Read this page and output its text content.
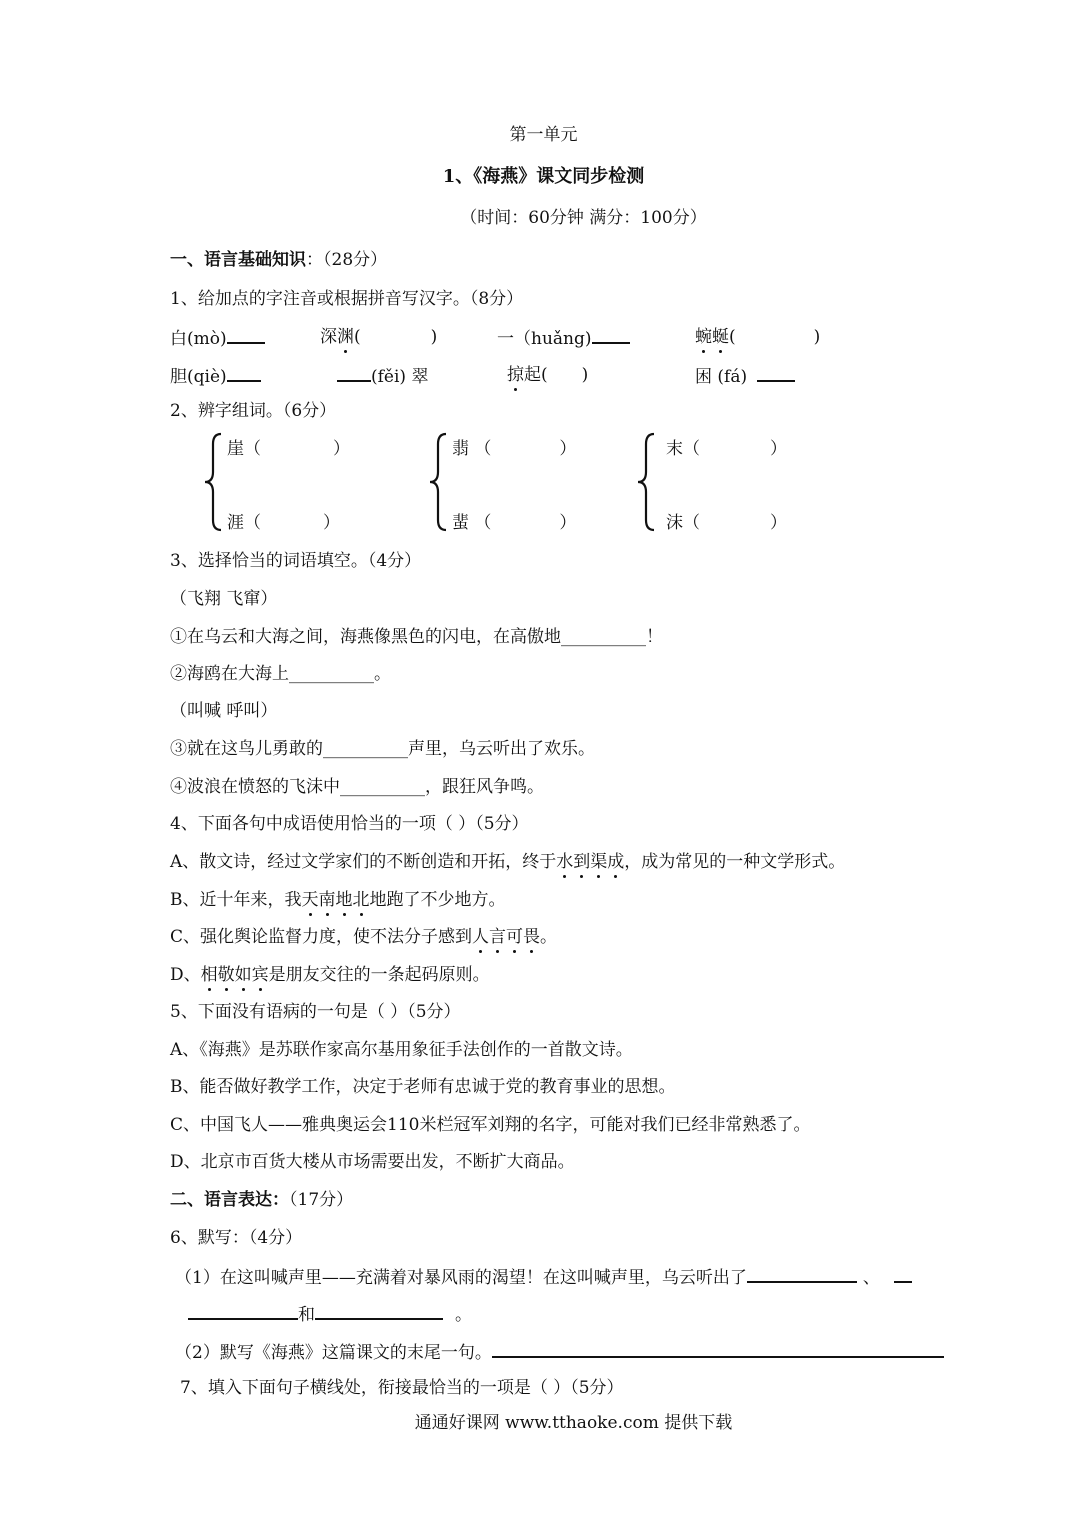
第一单元
1、《海燕》课文同步检测
（时间：60分钟 满分：100分）
一、语言基础知识：（28分）
1、给加点的字注音或根据拼音写汉字。（8分）
白(mò)	深渊(	)	一（huǎng)	蜿蜒(	)
胆(qiè)	(fěi) 翠	掠起( )	困 (fá)
2、辨字组词。（6分）
崖（	）
涯（	）
翡 （	）
蜚 （	）
末（	）
沫（	）
3、选择恰当的词语填空。（4分）
（飞翔 飞窜）
①在乌云和大海之间，海燕像黑色的闪电，在高傲地__________！
②海鸥在大海上__________。
（叫喊 呼叫）
③就在这鸟儿勇敢的__________声里，乌云听出了欢乐。
④波浪在愤怒的飞沫中__________，跟狂风争鸣。
4、下面各句中成语使用恰当的一项（ ）（5分）
A、散文诗，经过文学家们的不断创造和开拓，终于水到渠成，成为常见的一种文学形式。
B、近十年来，我天南地北地跑了不少地方。
C、强化舆论监督力度，使不法分子感到人言可畏。
D、相敬如宾是朋友交往的一条起码原则。
5、下面没有语病的一句是（ ）（5分）
A、《海燕》是苏联作家高尔基用象征手法创作的一首散文诗。
B、能否做好教学工作，决定于老师有忠诚于党的教育事业的思想。
C、中国飞人——雅典奥运会110米栏冠军刘翔的名字，可能对我们已经非常熟悉了。
D、北京市百货大楼从市场需要出发，不断扩大商品。
二、语言表达：（17分）
6、默写：（4分）
（1）在这叫喊声里——充满着对暴风雨的渴望！在这叫喊声里，乌云听出了	、
和	。
（2）默写《海燕》这篇课文的末尾一句。
7、填入下面句子横线处，衔接最恰当的一项是（ ）（5分）
通通好课网 www.tthaoke.com 提供下载
